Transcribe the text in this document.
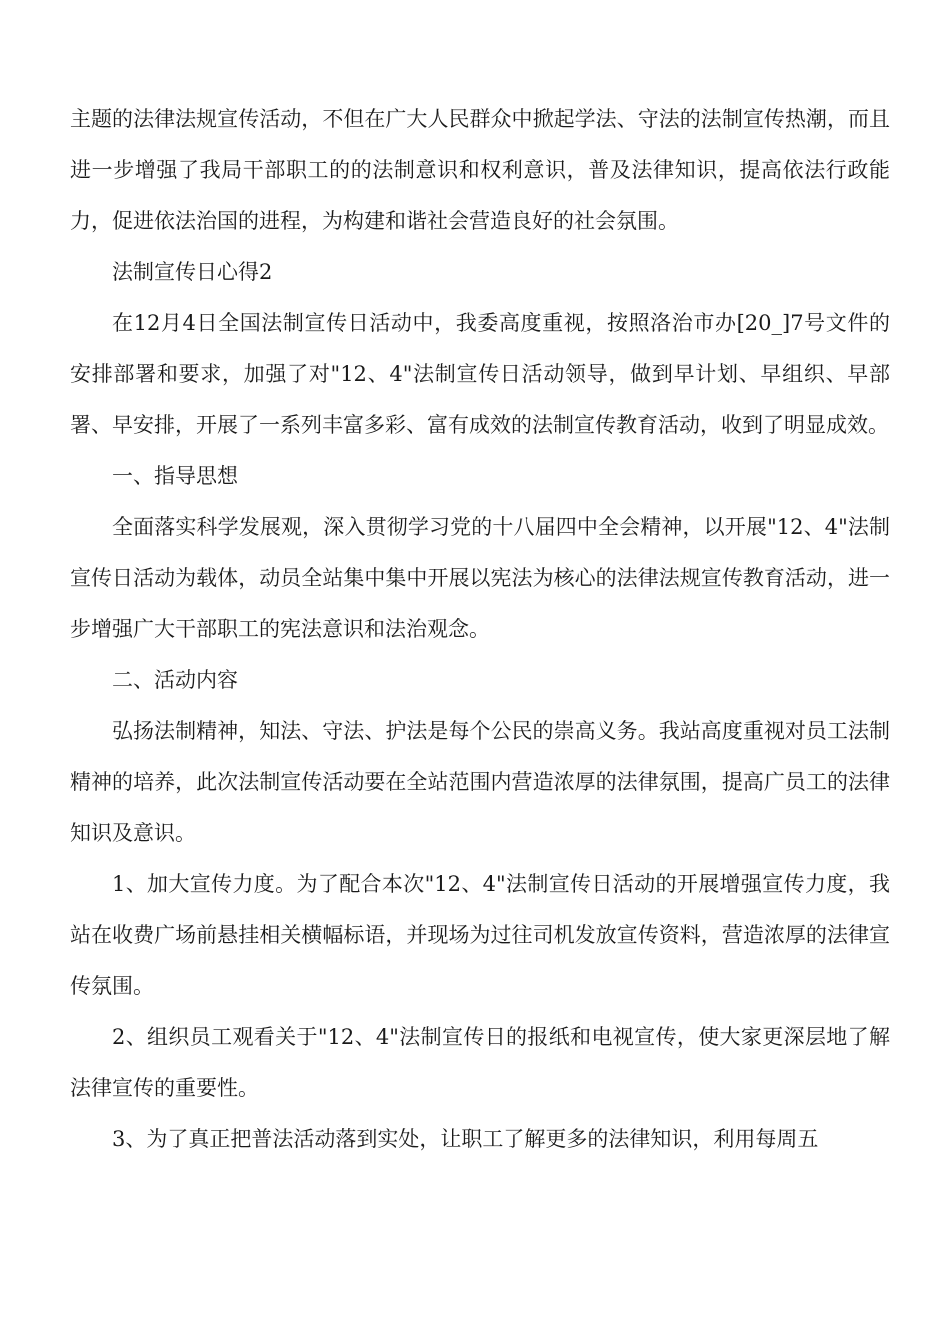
主题的法律法规宣传活动，不但在广大人民群众中掀起学法、守法的法制宣传热潮，而且进一步增强了我局干部职工的的法制意识和权利意识，普及法律知识，提高依法行政能力，促进依法治国的进程，为构建和谐社会营造良好的社会氛围。

法制宣传日心得2

在12月4日全国法制宣传日活动中，我委高度重视，按照洛治市办[20_]7号文件的安排部署和要求，加强了对"12、4"法制宣传日活动领导，做到早计划、早组织、早部署、早安排，开展了一系列丰富多彩、富有成效的法制宣传教育活动，收到了明显成效。

一、指导思想

全面落实科学发展观，深入贯彻学习党的十八届四中全会精神，以开展"12、4"法制宣传日活动为载体，动员全站集中集中开展以宪法为核心的法律法规宣传教育活动，进一步增强广大干部职工的宪法意识和法治观念。

二、活动内容

弘扬法制精神，知法、守法、护法是每个公民的崇高义务。我站高度重视对员工法制精神的培养，此次法制宣传活动要在全站范围内营造浓厚的法律氛围，提高广员工的法律知识及意识。

1、加大宣传力度。为了配合本次"12、4"法制宣传日活动的开展增强宣传力度，我站在收费广场前悬挂相关横幅标语，并现场为过往司机发放宣传资料，营造浓厚的法律宣传氛围。

2、组织员工观看关于"12、4"法制宣传日的报纸和电视宣传，使大家更深层地了解法律宣传的重要性。

3、为了真正把普法活动落到实处，让职工了解更多的法律知识，利用每周五
